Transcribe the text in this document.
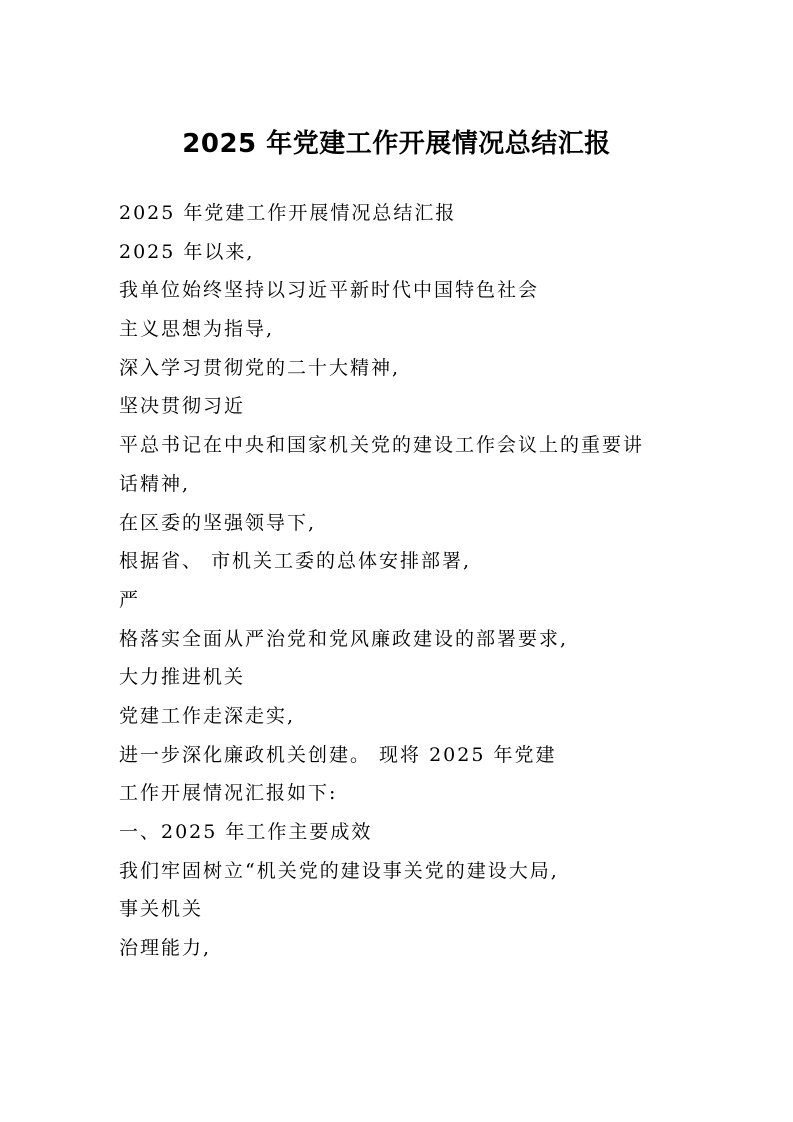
2025 年党建工作开展情况总结汇报
2025 年党建工作开展情况总结汇报
2025 年以来,
我单位始终坚持以习近平新时代中国特色社会
主义思想为指导,
深入学习贯彻党的二十大精神,
坚决贯彻习近
平总书记在中央和国家机关党的建设工作会议上的重要讲
话精神,
在区委的坚强领导下,
根据省、 市机关工委的总体安排部署,
严
格落实全面从严治党和党风廉政建设的部署要求,
大力推进机关
党建工作走深走实,
进一步深化廉政机关创建。 现将 2025 年党建
工作开展情况汇报如下:
一、2025 年工作主要成效
我们牢固树立“机关党的建设事关党的建设大局,
事关机关
治理能力,
